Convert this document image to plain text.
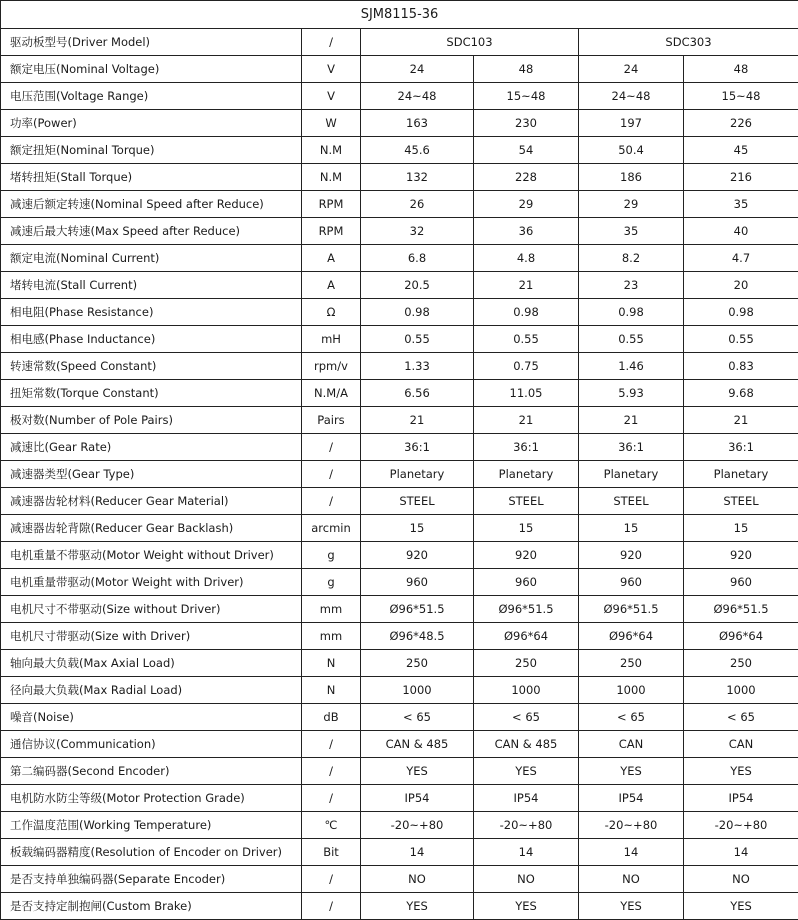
SJM8115-36					
驱动板型号(Driver Model)	/	SDC103		SDC303	
额定电压(Nominal Voltage)	V	24	48	24	48
电压范围(Voltage Range)	V	24~48	15~48	24~48	15~48
功率(Power)	W	163	230	197	226
额定扭矩(Nominal Torque)	N.M	45.6	54	50.4	45
堵转扭矩(Stall Torque)	N.M	132	228	186	216
减速后额定转速(Nominal Speed after Reduce)	RPM	26	29	29	35
减速后最大转速(Max Speed after Reduce)	RPM	32	36	35	40
额定电流(Nominal Current)	A	6.8	4.8	8.2	4.7
堵转电流(Stall Current)	A	20.5	21	23	20
相电阻(Phase Resistance)	Ω	0.98	0.98	0.98	0.98
相电感(Phase Inductance)	mH	0.55	0.55	0.55	0.55
转速常数(Speed Constant)	rpm/v	1.33	0.75	1.46	0.83
扭矩常数(Torque Constant)	N.M/A	6.56	11.05	5.93	9.68
极对数(Number of Pole Pairs)	Pairs	21	21	21	21
减速比(Gear Rate)	/	36:1	36:1	36:1	36:1
减速器类型(Gear Type)	/	Planetary	Planetary	Planetary	Planetary
减速器齿轮材料(Reducer Gear Material)	/	STEEL	STEEL	STEEL	STEEL
减速器齿轮背隙(Reducer Gear Backlash)	arcmin	15	15	15	15
电机重量不带驱动(Motor Weight without Driver)	g	920	920	920	920
电机重量带驱动(Motor Weight with Driver)	g	960	960	960	960
电机尺寸不带驱动(Size without Driver)	mm	Ø96*51.5	Ø96*51.5	Ø96*51.5	Ø96*51.5
电机尺寸带驱动(Size with Driver)	mm	Ø96*48.5	Ø96*64	Ø96*64	Ø96*64
轴向最大负载(Max Axial Load)	N	250	250	250	250
径向最大负载(Max Radial Load)	N	1000	1000	1000	1000
噪音(Noise)	dB	< 65	< 65	< 65	< 65
通信协议(Communication)	/	CAN & 485	CAN & 485	CAN	CAN
第二编码器(Second Encoder)	/	YES	YES	YES	YES
电机防水防尘等级(Motor Protection Grade)	/	IP54	IP54	IP54	IP54
工作温度范围(Working Temperature)	℃	-20~+80	-20~+80	-20~+80	-20~+80
板载编码器精度(Resolution of Encoder on Driver)	Bit	14	14	14	14
是否支持单独编码器(Separate Encoder)	/	NO	NO	NO	NO
是否支持定制抱闸(Custom Brake)	/	YES	YES	YES	YES
